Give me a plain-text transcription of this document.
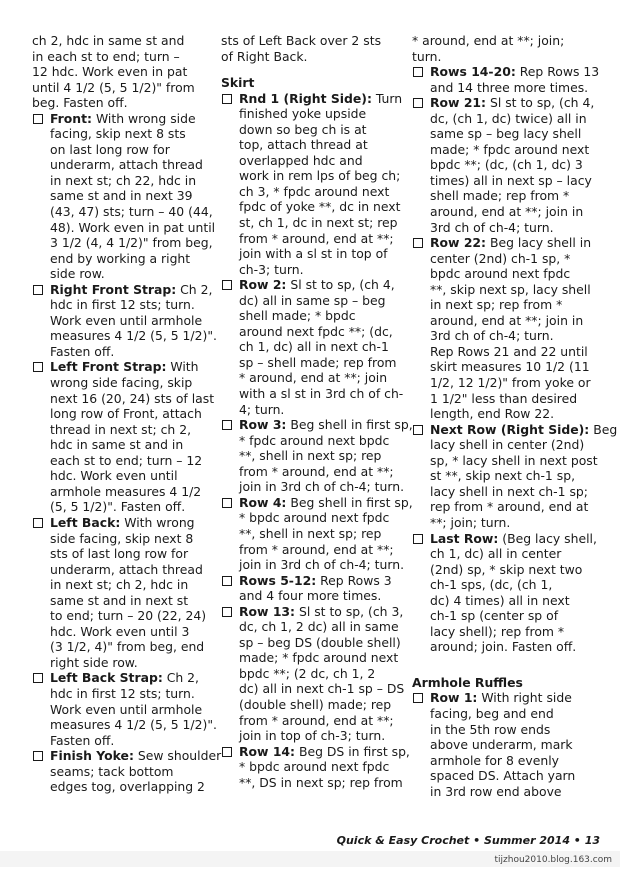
ch 2, hdc in same st and
in each st to end; turn –
12 hdc. Work even in pat
until 4 1/2 (5, 5 1/2)" from
beg. Fasten off.
Front: With wrong side
facing, skip next 8 sts
on last long row for
underarm, attach thread
in next st; ch 22, hdc in
same st and in next 39
(43, 47) sts; turn – 40 (44,
48). Work even in pat until
3 1/2 (4, 4 1/2)" from beg,
end by working a right
side row.
Right Front Strap: Ch 2,
hdc in first 12 sts; turn.
Work even until armhole
measures 4 1/2 (5, 5 1/2)".
Fasten off.
Left Front Strap: With
wrong side facing, skip
next 16 (20, 24) sts of last
long row of Front, attach
thread in next st; ch 2,
hdc in same st and in
each st to end; turn – 12
hdc. Work even until
armhole measures 4 1/2
(5, 5 1/2)". Fasten off.
Left Back: With wrong
side facing, skip next 8
sts of last long row for
underarm, attach thread
in next st; ch 2, hdc in
same st and in next st
to end; turn – 20 (22, 24)
hdc. Work even until 3
(3 1/2, 4)" from beg, end
right side row.
Left Back Strap: Ch 2,
hdc in first 12 sts; turn.
Work even until armhole
measures 4 1/2 (5, 5 1/2)".
Fasten off.
Finish Yoke: Sew shoulder
seams; tack bottom
edges tog, overlapping 2
sts of Left Back over 2 sts
of Right Back.
Skirt
Rnd 1 (Right Side): Turn
finished yoke upside
down so beg ch is at
top, attach thread at
overlapped hdc and
work in rem lps of beg ch;
ch 3, * fpdc around next
fpdc of yoke **, dc in next
st, ch 1, dc in next st; rep
from * around, end at **;
join with a sl st in top of
ch-3; turn.
Row 2: Sl st to sp, (ch 4,
dc) all in same sp – beg
shell made; * bpdc
around next fpdc **; (dc,
ch 1, dc) all in next ch-1
sp – shell made; rep from
* around, end at **; join
with a sl st in 3rd ch of ch-
4; turn.
Row 3: Beg shell in first sp,
* fpdc around next bpdc
**, shell in next sp; rep
from * around, end at **;
join in 3rd ch of ch-4; turn.
Row 4: Beg shell in first sp,
* bpdc around next fpdc
**, shell in next sp; rep
from * around, end at **;
join in 3rd ch of ch-4; turn.
Rows 5-12: Rep Rows 3
and 4 four more times.
Row 13: Sl st to sp, (ch 3,
dc, ch 1, 2 dc) all in same
sp – beg DS (double shell)
made; * fpdc around next
bpdc **; (2 dc, ch 1, 2
dc) all in next ch-1 sp – DS
(double shell) made; rep
from * around, end at **;
join in top of ch-3; turn.
Row 14: Beg DS in first sp,
* bpdc around next fpdc
**, DS in next sp; rep from
* around, end at **; join;
turn.
Rows 14-20: Rep Rows 13
and 14 three more times.
Row 21: Sl st to sp, (ch 4,
dc, (ch 1, dc) twice) all in
same sp – beg lacy shell
made; * fpdc around next
bpdc **; (dc, (ch 1, dc) 3
times) all in next sp – lacy
shell made; rep from *
around, end at **; join in
3rd ch of ch-4; turn.
Row 22: Beg lacy shell in
center (2nd) ch-1 sp, *
bpdc around next fpdc
**, skip next sp, lacy shell
in next sp; rep from *
around, end at **; join in
3rd ch of ch-4; turn.
Rep Rows 21 and 22 until
skirt measures 10 1/2 (11
1/2, 12 1/2)" from yoke or
1 1/2" less than desired
length, end Row 22.
Next Row (Right Side): Beg
lacy shell in center (2nd)
sp, * lacy shell in next post
st **, skip next ch-1 sp,
lacy shell in next ch-1 sp;
rep from * around, end at
**; join; turn.
Last Row: (Beg lacy shell,
ch 1, dc) all in center
(2nd) sp, * skip next two
ch-1 sps, (dc, (ch 1,
dc) 4 times) all in next
ch-1 sp (center sp of
lacy shell); rep from *
around; join. Fasten off.
Armhole Ruffles
Row 1: With right side
facing, beg and end
in the 5th row ends
above underarm, mark
armhole for 8 evenly
spaced DS. Attach yarn
in 3rd row end above
Quick & Easy Crochet • Summer 2014 • 13
tijzhou2010.blog.163.com
